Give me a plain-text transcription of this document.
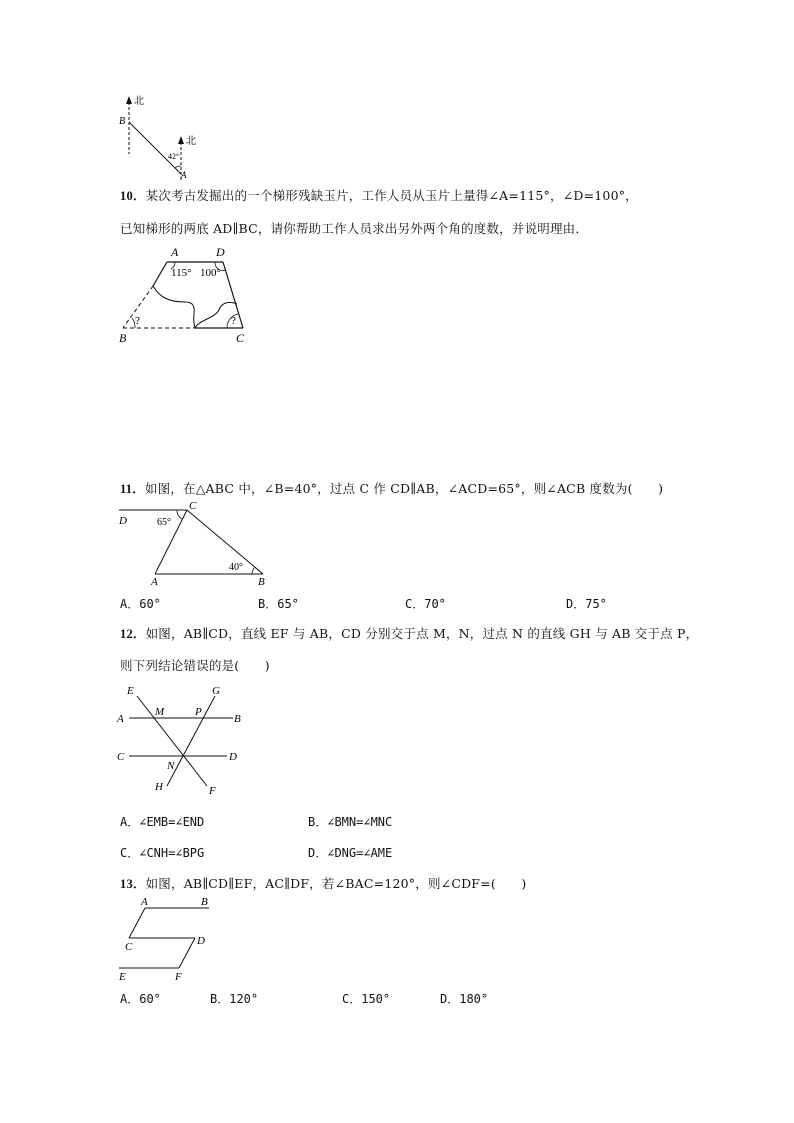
北
B
北
42°
A
10．某次考古发掘出的一个梯形残缺玉片，工作人员从玉片上量得∠A=115°，∠D=100°，
已知梯形的两底 AD∥BC，请你帮助工作人员求出另外两个角的度数，并说明理由．
A	D
115° 100°
B	C
?	?
11．如图，在△ABC 中，∠B=40°，过点 C 作 CD∥AB，∠ACD=65°，则∠ACB 度数为(　　)
D
C
65°
40°
A	B
A．60°	B．65°	C．70°	D．75°
12．如图，AB∥CD，直线 EF 与 AB，CD 分别交于点 M，N，过点 N 的直线 GH 与 AB 交于点 P，
则下列结论错误的是(　　)
E	G
A
M	P
B
C	D
N
H	F
A．∠EMB=∠END	B．∠BMN=∠MNC
C．∠CNH=∠BPG	D．∠DNG=∠AME
13．如图，AB∥CD∥EF，AC∥DF，若∠BAC=120°，则∠CDF=(　　)
A	B
C	D
E	F
A．60°	B．120°	C．150°	D．180°
